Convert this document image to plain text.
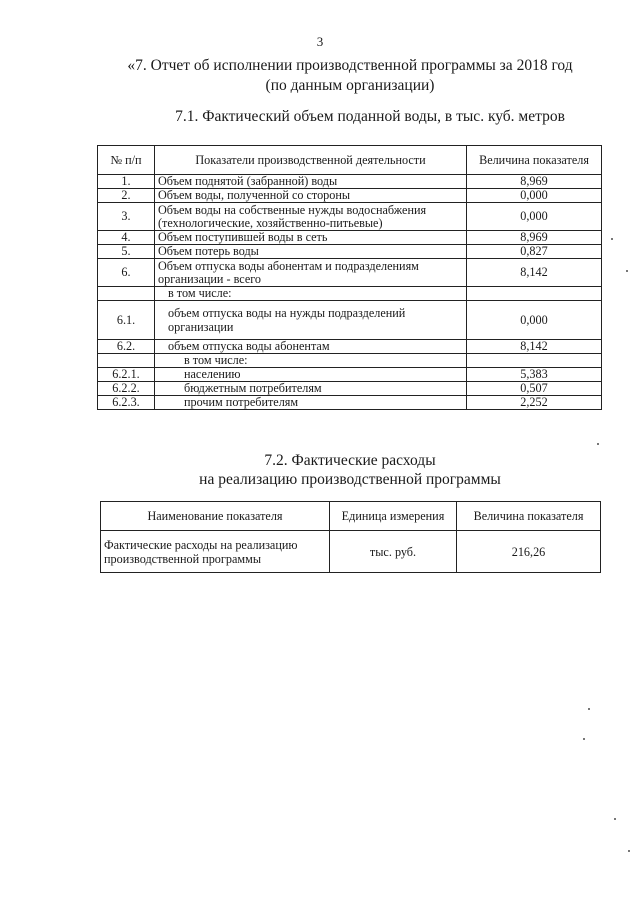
3
«7. Отчет об исполнении производственной программы за 2018 год
(по данным организации)
7.1. Фактический объем поданной воды, в тыс. куб. метров
№ п/п	Показатели производственной деятельности	Величина показателя
1.	Объем поднятой (забранной) воды	8,969
2.	Объем воды, полученной со стороны	0,000
3.	Объем воды на собственные нужды водоснабжения (технологические, хозяйственно-питьевые)	0,000
4.	Объем поступившей воды в сеть	8,969
5.	Объем потерь воды	0,827
6.	Объем отпуска воды абонентам и подразделениям организации - всего	8,142
	в том числе:	
6.1.	объем отпуска воды на нужды подразделений организации	0,000
6.2.	объем отпуска воды абонентам	8,142
	в том числе:	
6.2.1.	населению	5,383
6.2.2.	бюджетным потребителям	0,507
6.2.3.	прочим потребителям	2,252
7.2. Фактические расходы
на реализацию производственной программы
Наименование показателя	Единица измерения	Величина показателя
Фактические расходы на реализацию производственной программы	тыс. руб.	216,26
